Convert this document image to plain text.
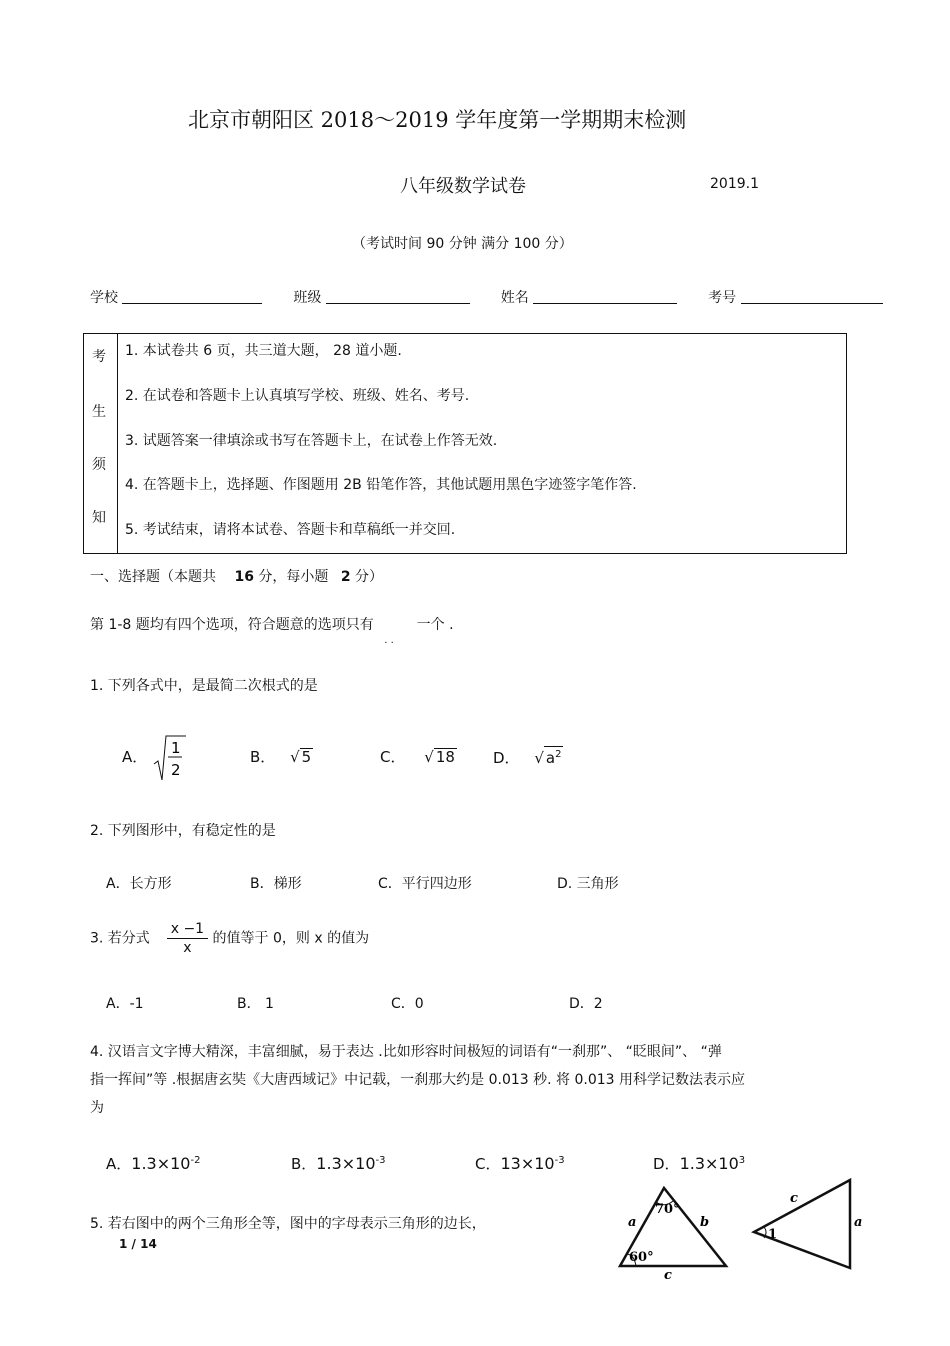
北京市朝阳区 2018～2019 学年度第一学期期末检测
八年级数学试卷	2019.1
（考试时间 90 分钟 满分 100 分）
学校	班级	姓名	考号
考
生
须
知

1. 本试卷共 6 页，共三道大题， 28 道小题.
2. 在试卷和答题卡上认真填写学校、班级、姓名、考号.
3. 试题答案一律填涂或书写在答题卡上，在试卷上作答无效.
4. 在答题卡上，选择题、作图题用 2B 铅笔作答，其他试题用黑色字迹签字笔作答.
5. 考试结束，请将本试卷、答题卡和草稿纸一并交回.
一、选择题（本题共 16 分，每小题 2 分）
第 1-8 题均有四个选项，符合题意的选项只有
. .
一个 .
1. 下列各式中，是最简二次根式的是
A． 1
2
B． √ 5	C． √ 18	D． √ $a^2$
2. 下列图形中，有稳定性的是
A．长方形	B．梯形	C．平行四边形	D. 三角形
3. 若分式 $\frac{x -1}{x}$ 的值等于 0，则 x 的值为
A．-1	B． 1	C．0	D．2
4. 汉语言文字博大精深，丰富细腻，易于表达 .比如形容时间极短的词语有“一刹那”、 “眨眼间”、 “弹
指一挥间”等 .根据唐玄奘《大唐西域记》中记载，一刹那大约是 0.013 秒. 将 0.013 用科学记数法表示应
为
A．$1.3\times 10^{-2}$	B．$1.3\times 10^{-3}$	C．$13\times 10^{-3}$	D．$1.3\times 10^3$
5. 若右图中的两个三角形全等，图中的字母表示三角形的边长，
70°
60°
a	b
c
1
c
a
1 / 14
